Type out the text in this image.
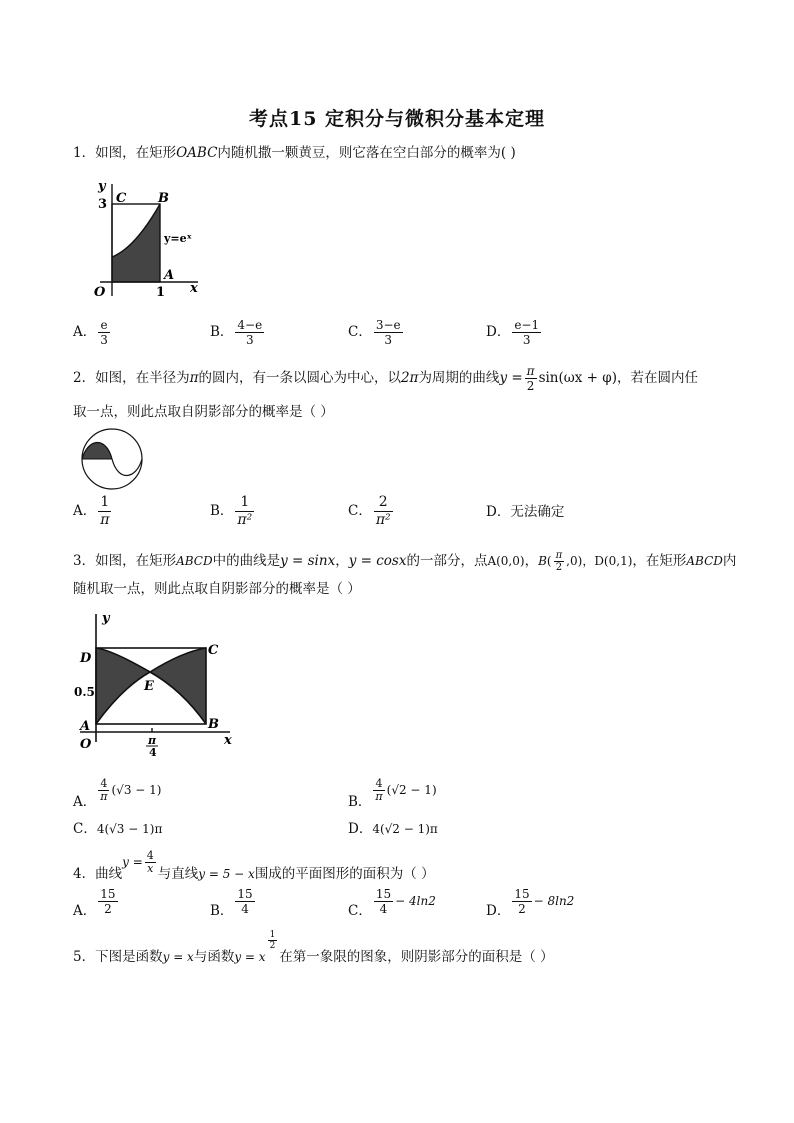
考点15 定积分与微积分基本定理
1．如图，在矩形OABC内随机撒一颗黄豆，则它落在空白部分的概率为( )
y
x
O
C B
A
3
1
y=eˣ
A． $\frac{e}{3}$	B． $\frac{4-e}{3}$	C． $\frac{3-e}{3}$	D． $\frac{e-1}{3}$
2．如图，在半径为π的圆内，有一条以圆心为中心，以2π为周期的曲线$y = \frac{\pi}{2} \sin(\omega x + \varphi)$，若在圆内任
取一点，则此点取自阴影部分的概率是（ ）
A． $\frac{1}{\pi}$	B． $\frac{1}{\text{π²}}$	C． $\frac{2}{\text{π²}}$	D．无法确定
3．如图，在矩形ABCD中的曲线是y = sinx，y = cosx的一部分，点A(0,0)，$B( \frac{\pi}{2} ,0)$，D(0,1)，在矩形ABCD内
随机取一点，则此点取自阴影部分的概率是（ ）
y
x
D
C
E
A	B
O
0.5
π
4
A． $\frac{4}{\pi} (√3 - 1)$
B． $\frac{4}{\pi} (√2 - 1)$
C．4(√3 − 1)π	D．4(√2 − 1)π
4．曲线$y = \frac{4}{x}$ 与直线y = 5 − x围成的平面图形的面积为（ ）
A． $\frac{15}{2}$	B． $\frac{15}{4}$	C． $\frac{15}{4} - 4\ln 2$
D． $\frac{15}{2} - 8\ln 2$
5．下图是函数y = x与函数y = x
$\frac{1}{2}$
在第一象限的图象，则阴影部分的面积是（ ）
